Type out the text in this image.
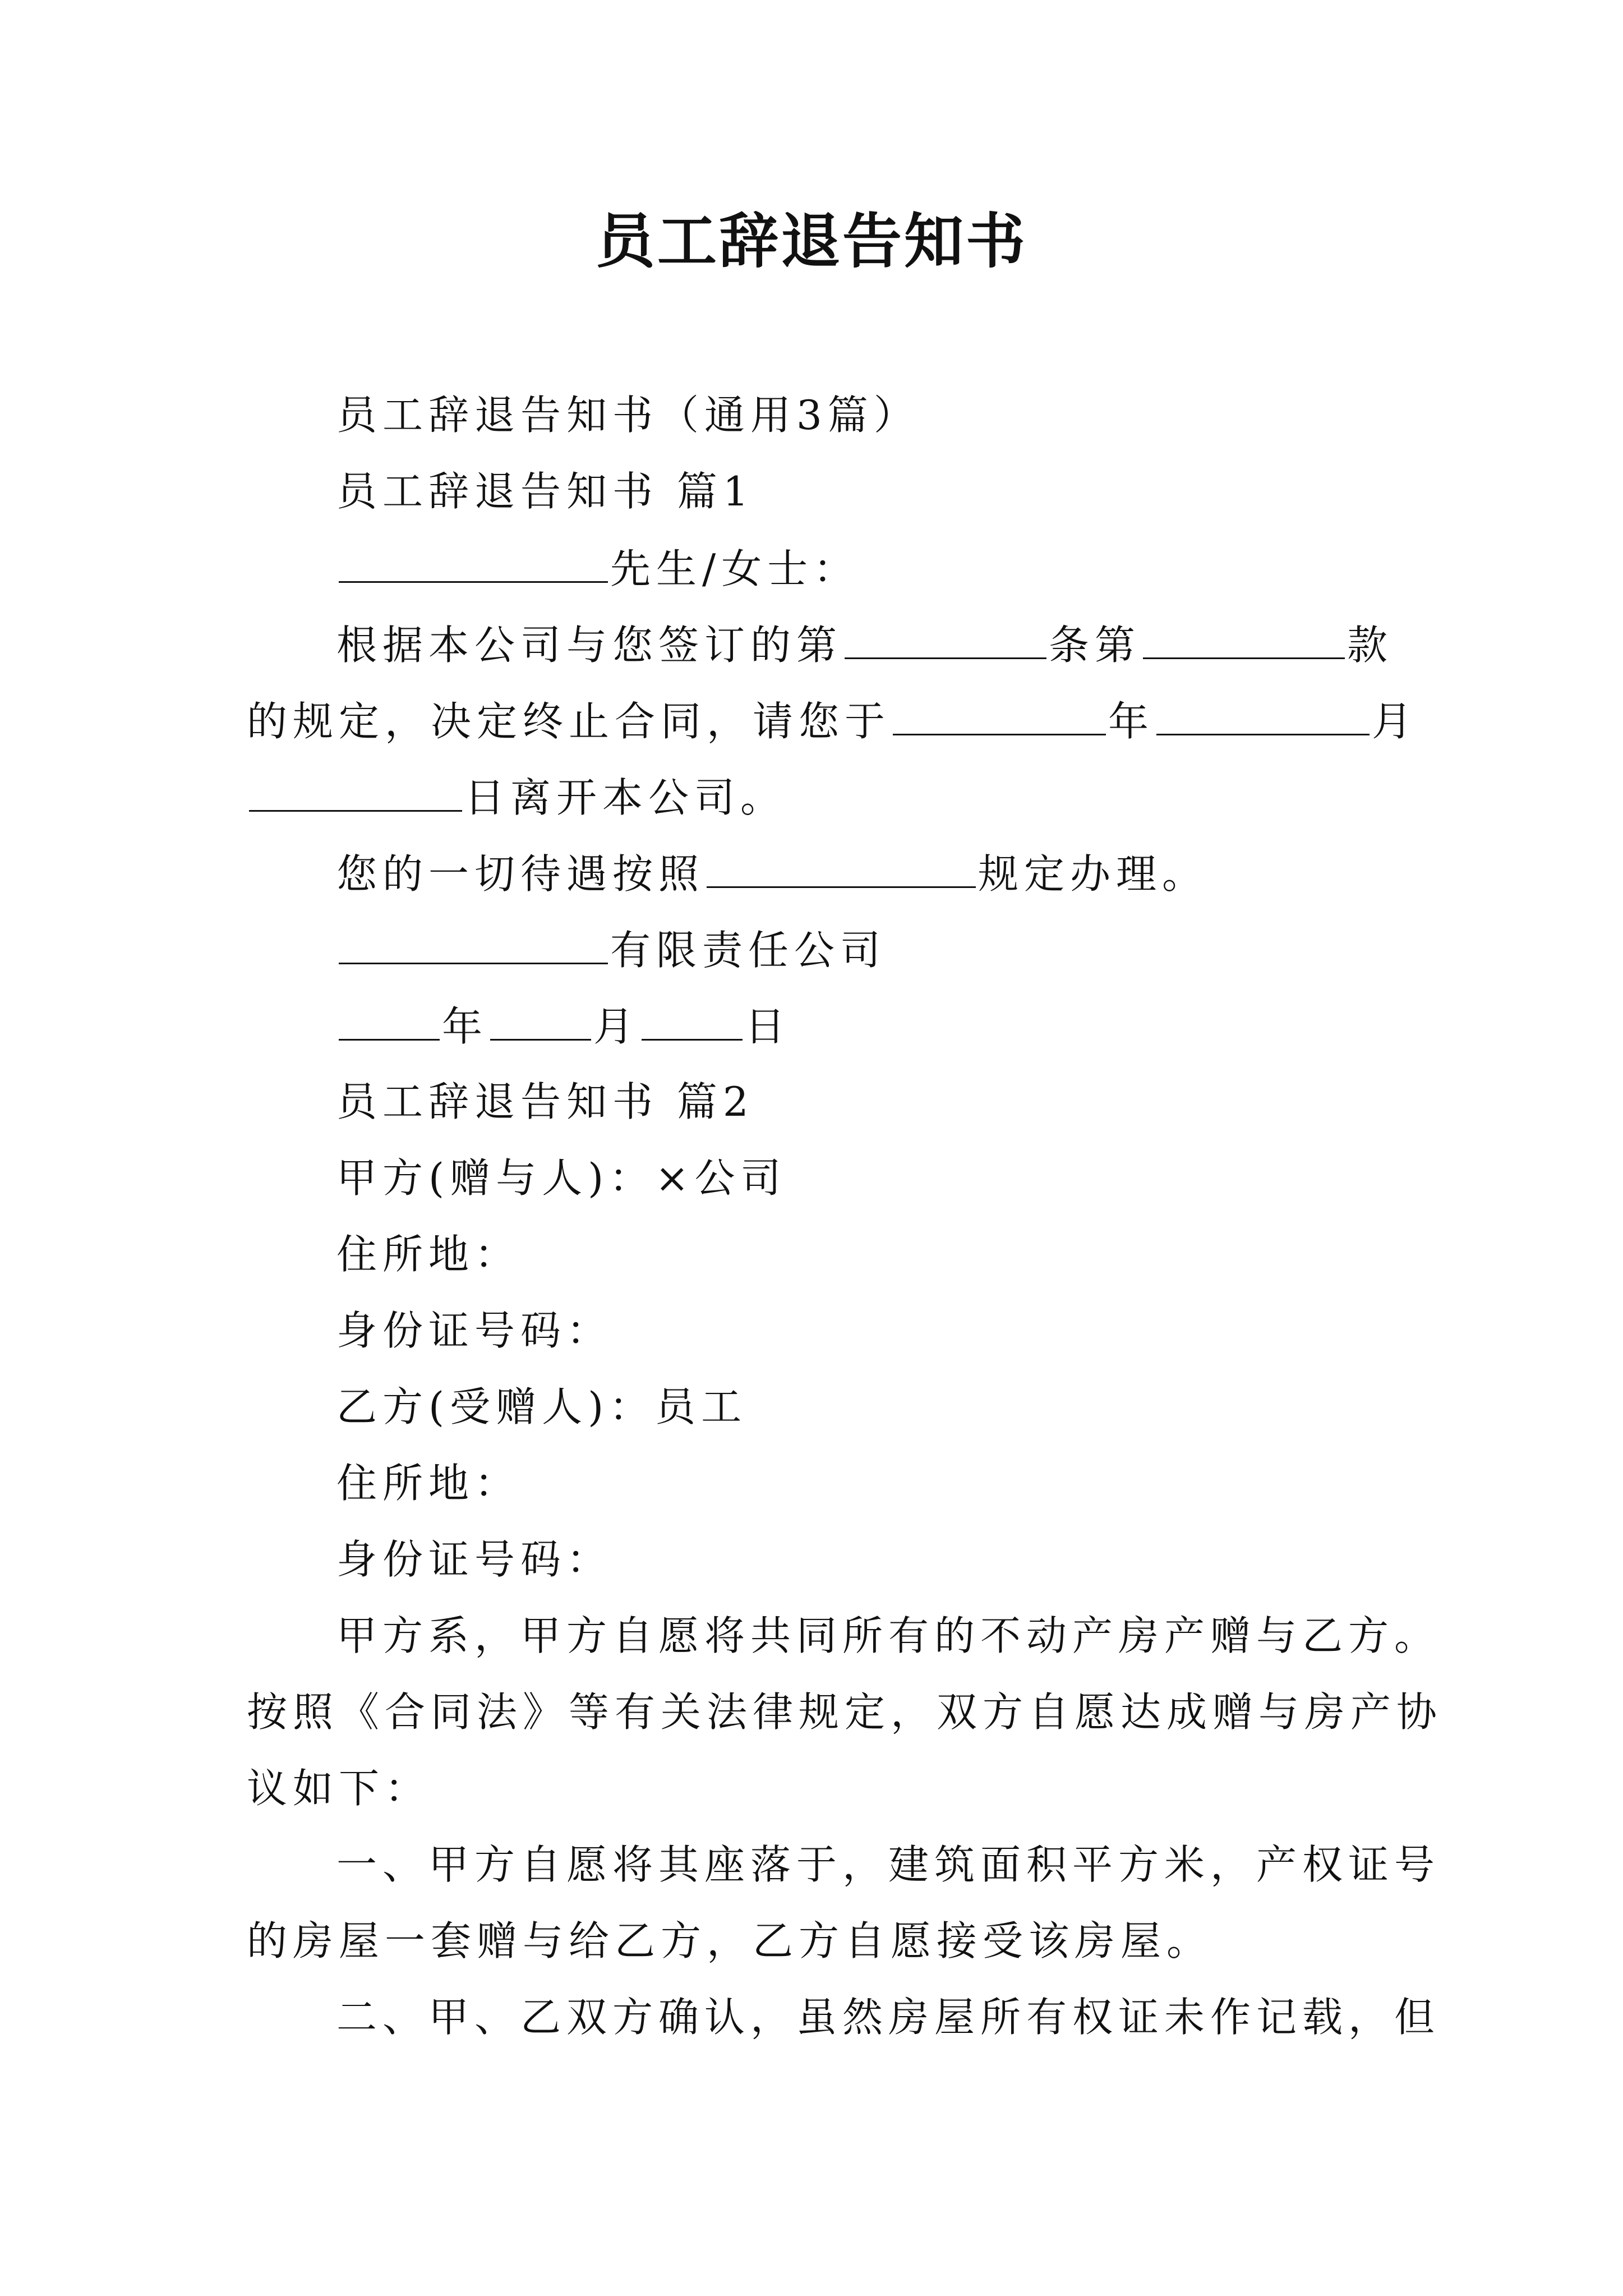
员工辞退告知书
员工辞退告知书（通用3篇）
员工辞退告知书 篇1
先生/女士：
根据本公司与您签订的第	条第	款
的规定，决定终止合同，请您于	年	月
日离开本公司。
您的一切待遇按照	规定办理。
有限责任公司
年	月	日
员工辞退告知书 篇2
甲方(赠与人)：×公司
住所地：
身份证号码：
乙方(受赠人)：员工
住所地：
身份证号码：
甲方系，甲方自愿将共同所有的不动产房产赠与乙方。
按照《合同法》等有关法律规定，双方自愿达成赠与房产协
议如下：
一、甲方自愿将其座落于，建筑面积平方米，产权证号
的房屋一套赠与给乙方，乙方自愿接受该房屋。
二、甲、乙双方确认，虽然房屋所有权证未作记载，但
